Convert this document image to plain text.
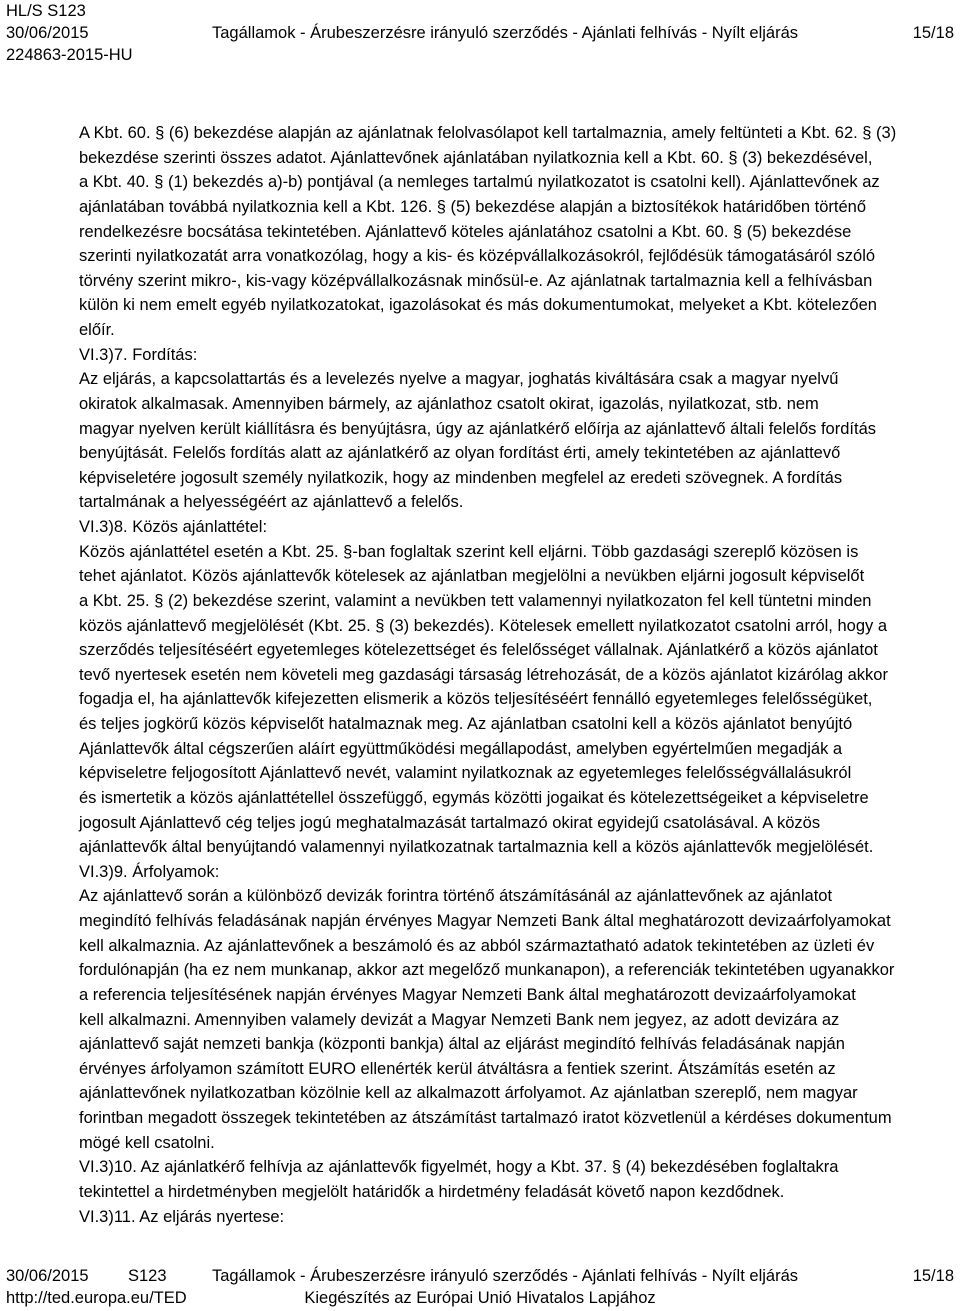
HL/S S123
30/06/2015	Tagállamok - Árubeszerzésre irányuló szerződés - Ajánlati felhívás - Nyílt eljárás	15/18
224863-2015-HU

A Kbt. 60. § (6) bekezdése alapján az ajánlatnak felolvasólapot kell tartalmaznia, amely feltünteti a Kbt. 62. § (3)

bekezdése szerinti összes adatot. Ajánlattevőnek ajánlatában nyilatkoznia kell a Kbt. 60. § (3) bekezdésével,

a Kbt. 40. § (1) bekezdés a)-b) pontjával (a nemleges tartalmú nyilatkozatot is csatolni kell). Ajánlattevőnek az

ajánlatában továbbá nyilatkoznia kell a Kbt. 126. § (5) bekezdése alapján a biztosítékok határidőben történő

rendelkezésre bocsátása tekintetében. Ajánlattevő köteles ajánlatához csatolni a Kbt. 60. § (5) bekezdése

szerinti nyilatkozatát arra vonatkozólag, hogy a kis- és középvállalkozásokról, fejlődésük támogatásáról szóló

törvény szerint mikro-, kis-vagy középvállalkozásnak minősül-e. Az ajánlatnak tartalmaznia kell a felhívásban

külön ki nem emelt egyéb nyilatkozatokat, igazolásokat és más dokumentumokat, melyeket a Kbt. kötelezően

előír.

VI.3)7. Fordítás:

Az eljárás, a kapcsolattartás és a levelezés nyelve a magyar, joghatás kiváltására csak a magyar nyelvű

okiratok alkalmasak. Amennyiben bármely, az ajánlathoz csatolt okirat, igazolás, nyilatkozat, stb. nem

magyar nyelven került kiállításra és benyújtásra, úgy az ajánlatkérő előírja az ajánlattevő általi felelős fordítás

benyújtását. Felelős fordítás alatt az ajánlatkérő az olyan fordítást érti, amely tekintetében az ajánlattevő

képviseletére jogosult személy nyilatkozik, hogy az mindenben megfelel az eredeti szövegnek. A fordítás

tartalmának a helyességéért az ajánlattevő a felelős.

VI.3)8. Közös ajánlattétel:

Közös ajánlattétel esetén a Kbt. 25. §-ban foglaltak szerint kell eljárni. Több gazdasági szereplő közösen is

tehet ajánlatot. Közös ajánlattevők kötelesek az ajánlatban megjelölni a nevükben eljárni jogosult képviselőt

a Kbt. 25. § (2) bekezdése szerint, valamint a nevükben tett valamennyi nyilatkozaton fel kell tüntetni minden

közös ajánlattevő megjelölését (Kbt. 25. § (3) bekezdés). Kötelesek emellett nyilatkozatot csatolni arról, hogy a

szerződés teljesítéséért egyetemleges kötelezettséget és felelősséget vállalnak. Ajánlatkérő a közös ajánlatot

tevő nyertesek esetén nem követeli meg gazdasági társaság létrehozását, de a közös ajánlatot kizárólag akkor

fogadja el, ha ajánlattevők kifejezetten elismerik a közös teljesítéséért fennálló egyetemleges felelősségüket,

és teljes jogkörű közös képviselőt hatalmaznak meg. Az ajánlatban csatolni kell a közös ajánlatot benyújtó

Ajánlattevők által cégszerűen aláírt együttműködési megállapodást, amelyben egyértelműen megadják a

képviseletre feljogosított Ajánlattevő nevét, valamint nyilatkoznak az egyetemleges felelősségvállalásukról

és ismertetik a közös ajánlattétellel összefüggő, egymás közötti jogaikat és kötelezettségeiket a képviseletre

jogosult Ajánlattevő cég teljes jogú meghatalmazását tartalmazó okirat egyidejű csatolásával. A közös

ajánlattevők által benyújtandó valamennyi nyilatkozatnak tartalmaznia kell a közös ajánlattevők megjelölését.

VI.3)9. Árfolyamok:

Az ajánlattevő során a különböző devizák forintra történő átszámításánál az ajánlattevőnek az ajánlatot

megindító felhívás feladásának napján érvényes Magyar Nemzeti Bank által meghatározott devizaárfolyamokat

kell alkalmaznia. Az ajánlattevőnek a beszámoló és az abból származtatható adatok tekintetében az üzleti év

fordulónapján (ha ez nem munkanap, akkor azt megelőző munkanapon), a referenciák tekintetében ugyanakkor

a referencia teljesítésének napján érvényes Magyar Nemzeti Bank által meghatározott devizaárfolyamokat

kell alkalmazni. Amennyiben valamely devizát a Magyar Nemzeti Bank nem jegyez, az adott devizára az

ajánlattevő saját nemzeti bankja (központi bankja) által az eljárást megindító felhívás feladásának napján

érvényes árfolyamon számított EURO ellenérték kerül átváltásra a fentiek szerint. Átszámítás esetén az

ajánlattevőnek nyilatkozatban közölnie kell az alkalmazott árfolyamot. Az ajánlatban szereplő, nem magyar

forintban megadott összegek tekintetében az átszámítást tartalmazó iratot közvetlenül a kérdéses dokumentum

mögé kell csatolni.

VI.3)10. Az ajánlatkérő felhívja az ajánlattevők figyelmét, hogy a Kbt. 37. § (4) bekezdésében foglaltakra

tekintettel a hirdetményben megjelölt határidők a hirdetmény feladását követő napon kezdődnek.

VI.3)11. Az eljárás nyertese:

30/06/2015 S123	Tagállamok - Árubeszerzésre irányuló szerződés - Ajánlati felhívás - Nyílt eljárás	15/18
http://ted.europa.eu/TED	Kiegészítés az Európai Unió Hivatalos Lapjához
